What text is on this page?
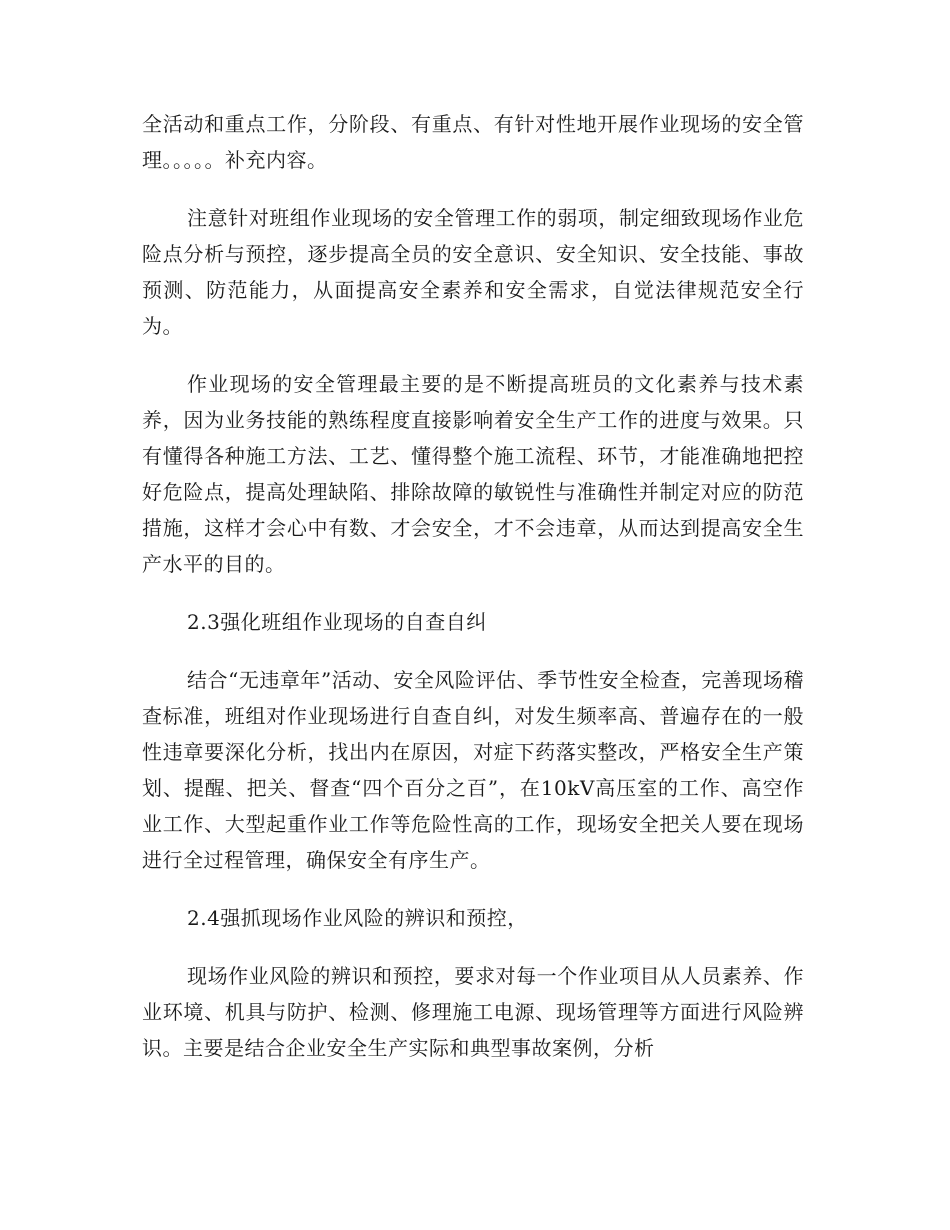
全活动和重点工作，分阶段、有重点、有针对性地开展作业现场的安全管理。。。。。补充内容。

注意针对班组作业现场的安全管理工作的弱项，制定细致现场作业危险点分析与预控，逐步提高全员的安全意识、安全知识、安全技能、事故预测、防范能力，从面提高安全素养和安全需求，自觉法律规范安全行为。

作业现场的安全管理最主要的是不断提高班员的文化素养与技术素养，因为业务技能的熟练程度直接影响着安全生产工作的进度与效果。只有懂得各种施工方法、工艺、懂得整个施工流程、环节，才能准确地把控好危险点，提高处理缺陷、排除故障的敏锐性与准确性并制定对应的防范措施，这样才会心中有数、才会安全，才不会违章，从而达到提高安全生产水平的目的。

2.3强化班组作业现场的自查自纠

结合“无违章年”活动、安全风险评估、季节性安全检查，完善现场稽查标准，班组对作业现场进行自查自纠，对发生频率高、普遍存在的一般性违章要深化分析，找出内在原因，对症下药落实整改，严格安全生产策划、提醒、把关、督查“四个百分之百”，在10kV高压室的工作、高空作业工作、大型起重作业工作等危险性高的工作，现场安全把关人要在现场进行全过程管理，确保安全有序生产。

2.4强抓现场作业风险的辨识和预控，

现场作业风险的辨识和预控，要求对每一个作业项目从人员素养、作业环境、机具与防护、检测、修理施工电源、现场管理等方面进行风险辨识。主要是结合企业安全生产实际和典型事故案例，分析
